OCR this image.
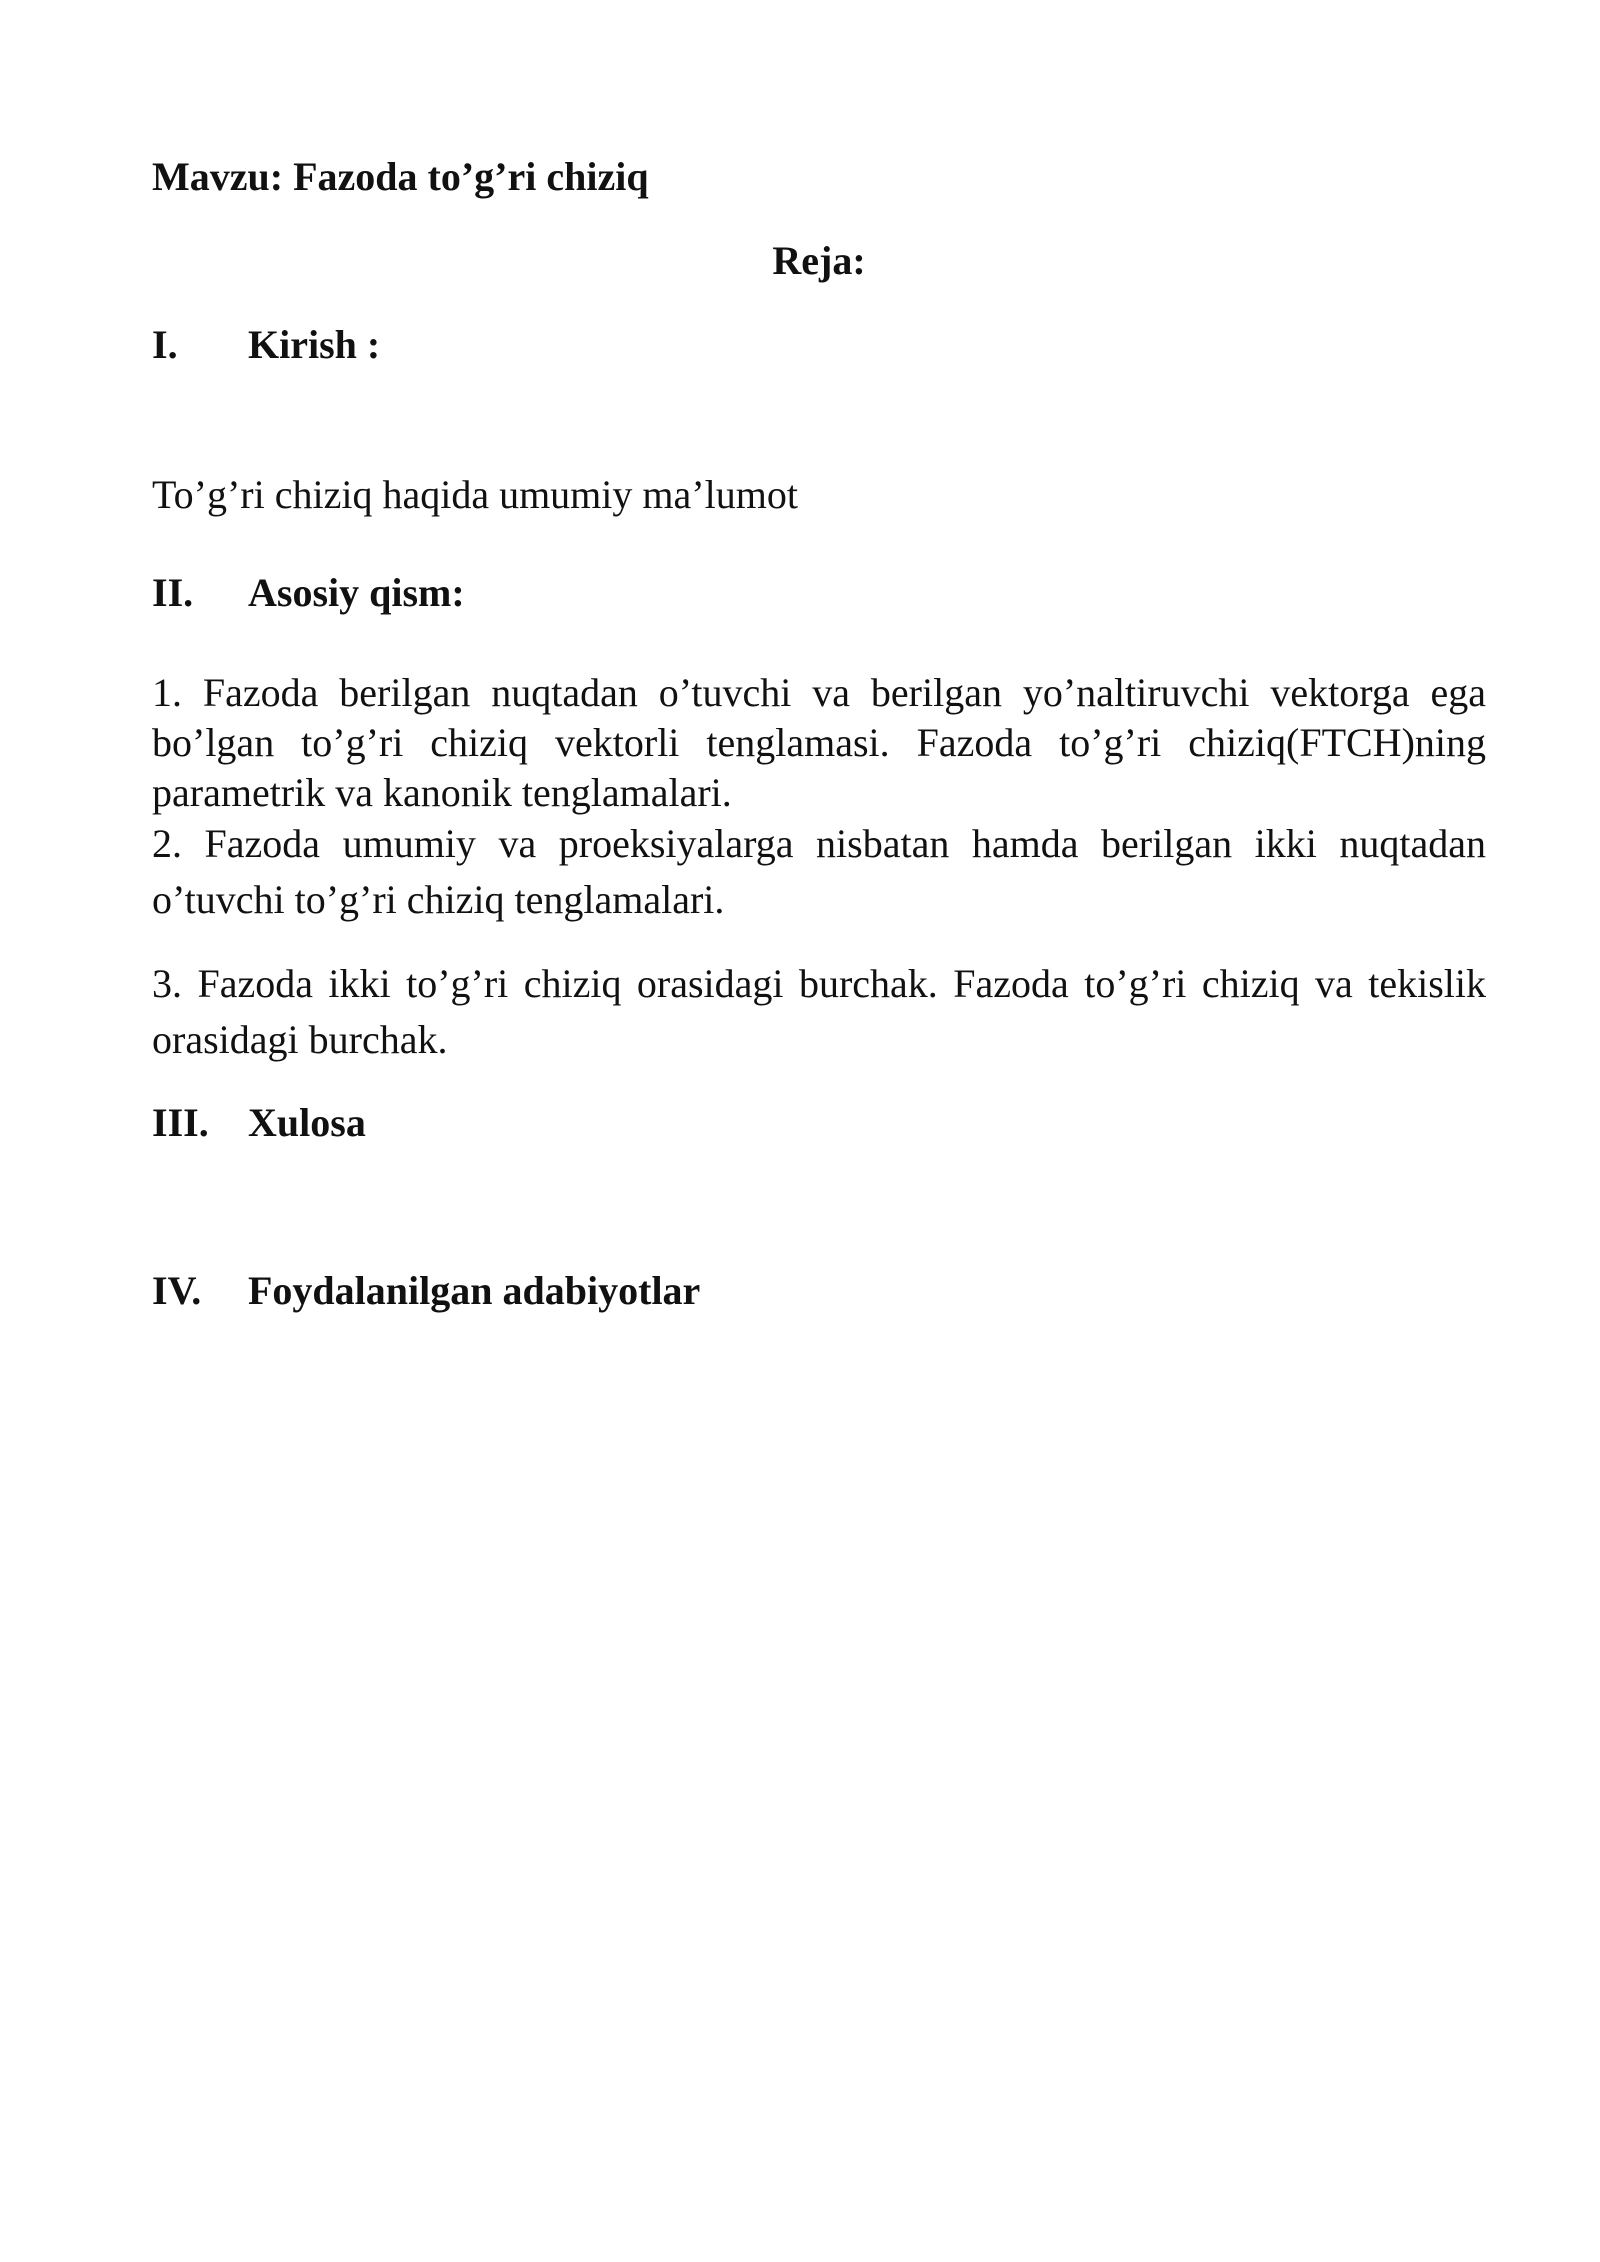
Mavzu: Fazoda to’g’ri chiziq
Reja:
I. Kirish :
To’g’ri chiziq haqida umumiy ma’lumot
II. Asosiy qism:
1. Fazoda berilgan nuqtadan o’tuvchi va berilgan yo’naltiruvchi vektorga ega bo’lgan to’g’ri chiziq vektorli tenglamasi. Fazoda to’g’ri chiziq(FTCH)ning parametrik va kanonik tenglamalari.
2. Fazoda umumiy va proeksiyalarga nisbatan hamda berilgan ikki nuqtadan o’tuvchi to’g’ri chiziq tenglamalari.
3. Fazoda ikki to’g’ri chiziq orasidagi burchak. Fazoda to’g’ri chiziq va tekislik orasidagi burchak.
III. Xulosa
IV. Foydalanilgan adabiyotlar
